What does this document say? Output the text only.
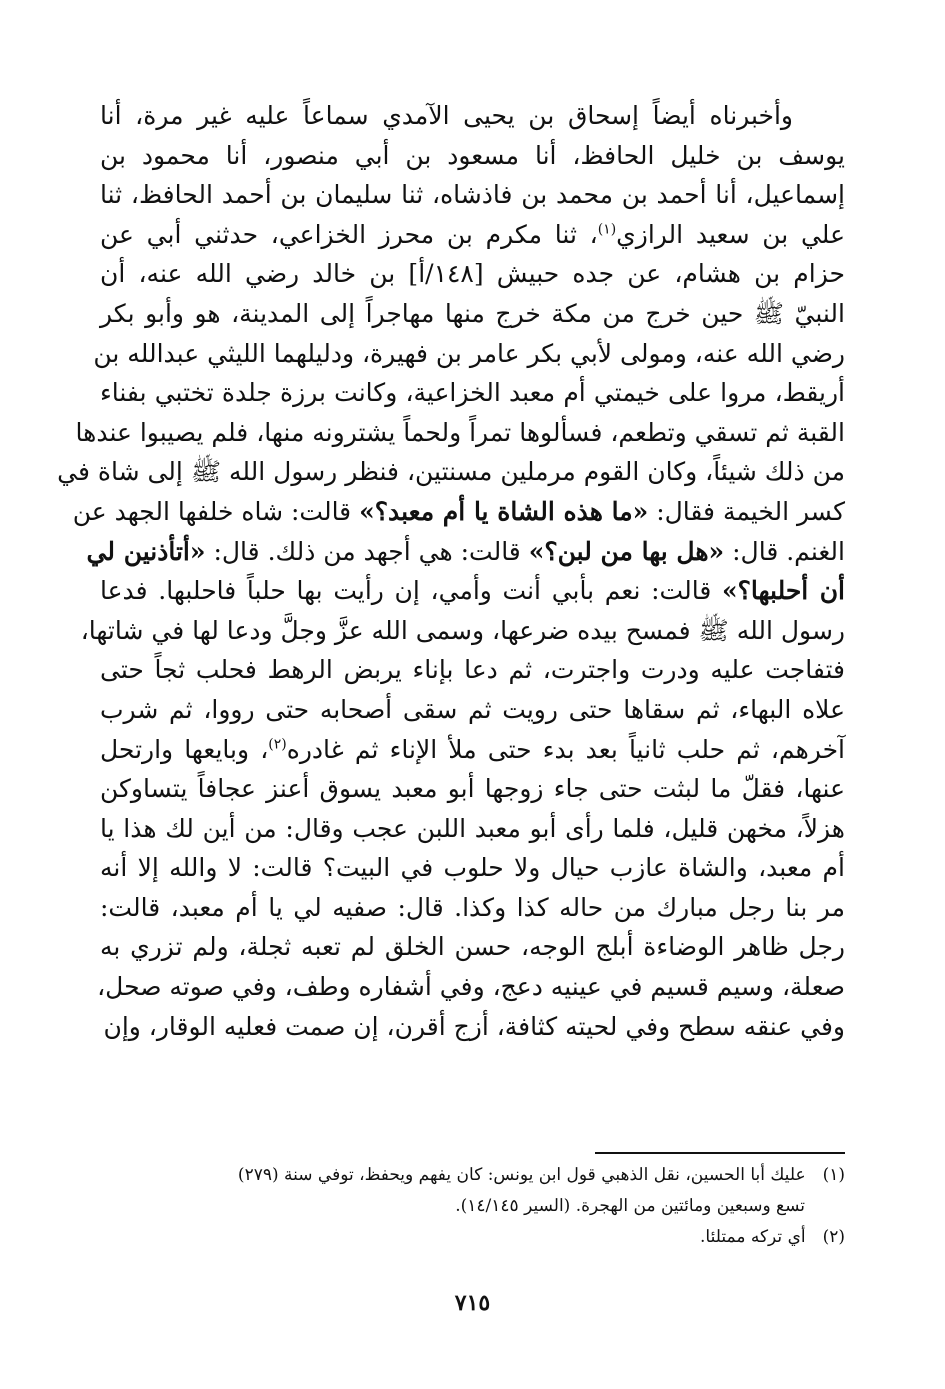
وأخبرناه أيضاً إسحاق بن يحيى الآمدي سماعاً عليه غير مرة، أنا
يوسف بن خليل الحافظ، أنا مسعود بن أبي منصور، أنا محمود بن
إسماعيل، أنا أحمد بن محمد بن فاذشاه، ثنا سليمان بن أحمد الحافظ، ثنا
علي بن سعيد الرازي$^{(١)}$، ثنا مكرم بن محرز الخزاعي، حدثني أبي عن
حزام بن هشام، عن جده حبيش [١٤٨/أ] بن خالد رضي الله عنه، أن
النبيّ ﷺ حين خرج من مكة خرج منها مهاجراً إلى المدينة، هو وأبو بكر
رضي الله عنه، ومولى لأبي بكر عامر بن فهيرة، ودليلهما الليثي عبدالله بن
أريقط، مروا على خيمتي أم معبد الخزاعية، وكانت برزة جلدة تختبي بفناء
القبة ثم تسقي وتطعم، فسألوها تمراً ولحماً يشترونه منها، فلم يصيبوا عندها
من ذلك شيئاً، وكان القوم مرملين مسنتين، فنظر رسول الله ﷺ إلى شاة في
كسر الخيمة فقال: «ما هذه الشاة يا أم معبد؟» قالت: شاه خلفها الجهد عن
الغنم. قال: «هل بها من لبن؟» قالت: هي أجهد من ذلك. قال: «أتأذنين لي
أن أحلبها؟» قالت: نعم بأبي أنت وأمي، إن رأيت بها حلباً فاحلبها. فدعا
رسول الله ﷺ فمسح بيده ضرعها، وسمى الله عزَّ وجلَّ ودعا لها في شاتها،
فتفاجت عليه ودرت واجترت، ثم دعا بإناء يربض الرهط فحلب ثجاً حتى
علاه البهاء، ثم سقاها حتى رويت ثم سقى أصحابه حتى رووا، ثم شرب
آخرهم، ثم حلب ثانياً بعد بدء حتى ملأ الإناء ثم غادره$^{(٢)}$، وبايعها وارتحل
عنها، فقلّ ما لبثت حتى جاء زوجها أبو معبد يسوق أعنز عجافاً يتساوكن
هزلاً، مخهن قليل، فلما رأى أبو معبد اللبن عجب وقال: من أين لك هذا يا
أم معبد، والشاة عازب حيال ولا حلوب في البيت؟ قالت: لا والله إلا أنه
مر بنا رجل مبارك من حاله كذا وكذا. قال: صفيه لي يا أم معبد، قالت:
رجل ظاهر الوضاءة أبلج الوجه، حسن الخلق لم تعبه ثجلة، ولم تزري به
صعلة، وسيم قسيم في عينيه دعج، وفي أشفاره وطف، وفي صوته صحل،
وفي عنقه سطح وفي لحيته كثافة، أزج أقرن، إن صمت فعليه الوقار، وإن
(١) عليك أبا الحسين، نقل الذهبي قول ابن يونس: كان يفهم ويحفظ، توفي سنة (٢٧٩)
تسع وسبعين ومائتين من الهجرة. (السير ١٤/١٤٥).
(٢) أي تركه ممتلئا.
٧١٥
